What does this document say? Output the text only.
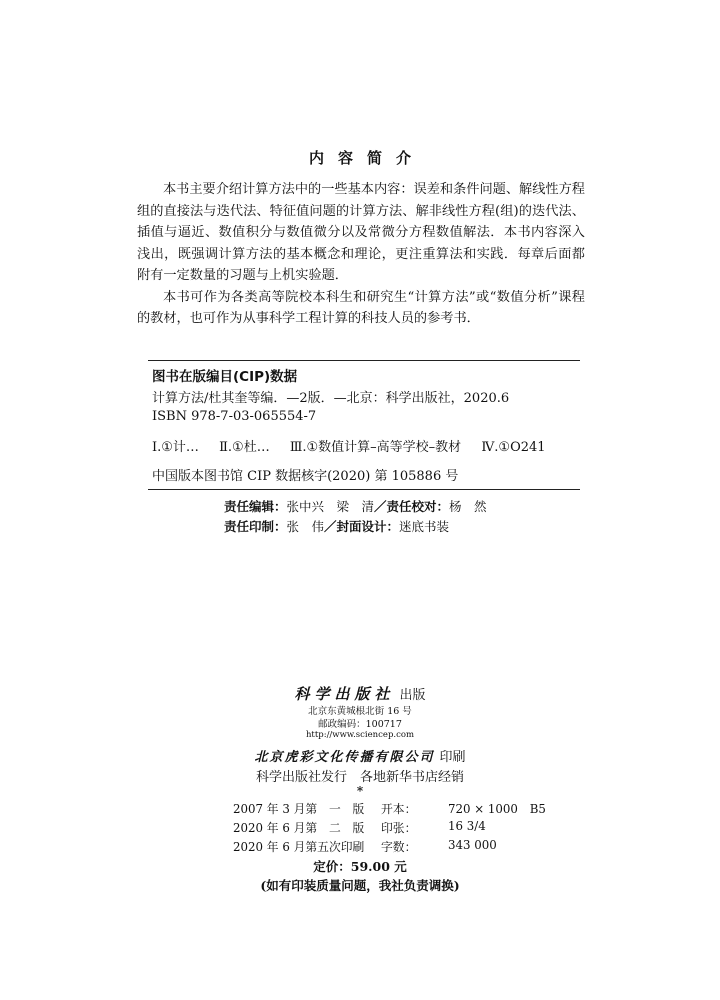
内容简介

本书主要介绍计算方法中的一些基本内容：误差和条件问题、解线性方程组的直接法与迭代法、特征值问题的计算方法、解非线性方程(组)的迭代法、插值与逼近、数值积分与数值微分以及常微分方程数值解法．本书内容深入浅出，既强调计算方法的基本概念和理论，更注重算法和实践．每章后面都附有一定数量的习题与上机实验题．

本书可作为各类高等院校本科生和研究生“计算方法”或“数值分析”课程的教材，也可作为从事科学工程计算的科技人员的参考书．

图书在版编目(CIP)数据
计算方法/杜其奎等编．—2版．—北京：科学出版社，2020.6
ISBN 978-7-03-065554-7
Ⅰ.①计… Ⅱ.①杜… Ⅲ.①数值计算–高等学校–教材 Ⅳ.①O241
中国版本图书馆 CIP 数据核字(2020) 第 105886 号
责任编辑：张中兴　梁　清／责任校对：杨　然
责任印制：张　伟／封面设计：迷底书装
科学出版社 出版
北京东黄城根北街 16 号
邮政编码：100717
http://www.sciencep.com
北京虎彩文化传播有限公司 印刷
科学出版社发行　各地新华书店经销
*
2007 年 3 月第　一　版 开本：	720 × 1000　B5
2020 年 6 月第　二　版 印张：	16 3/4
2020 年 6 月第五次印刷 字数：	343 000
定价：59.00 元
(如有印装质量问题，我社负责调换)
